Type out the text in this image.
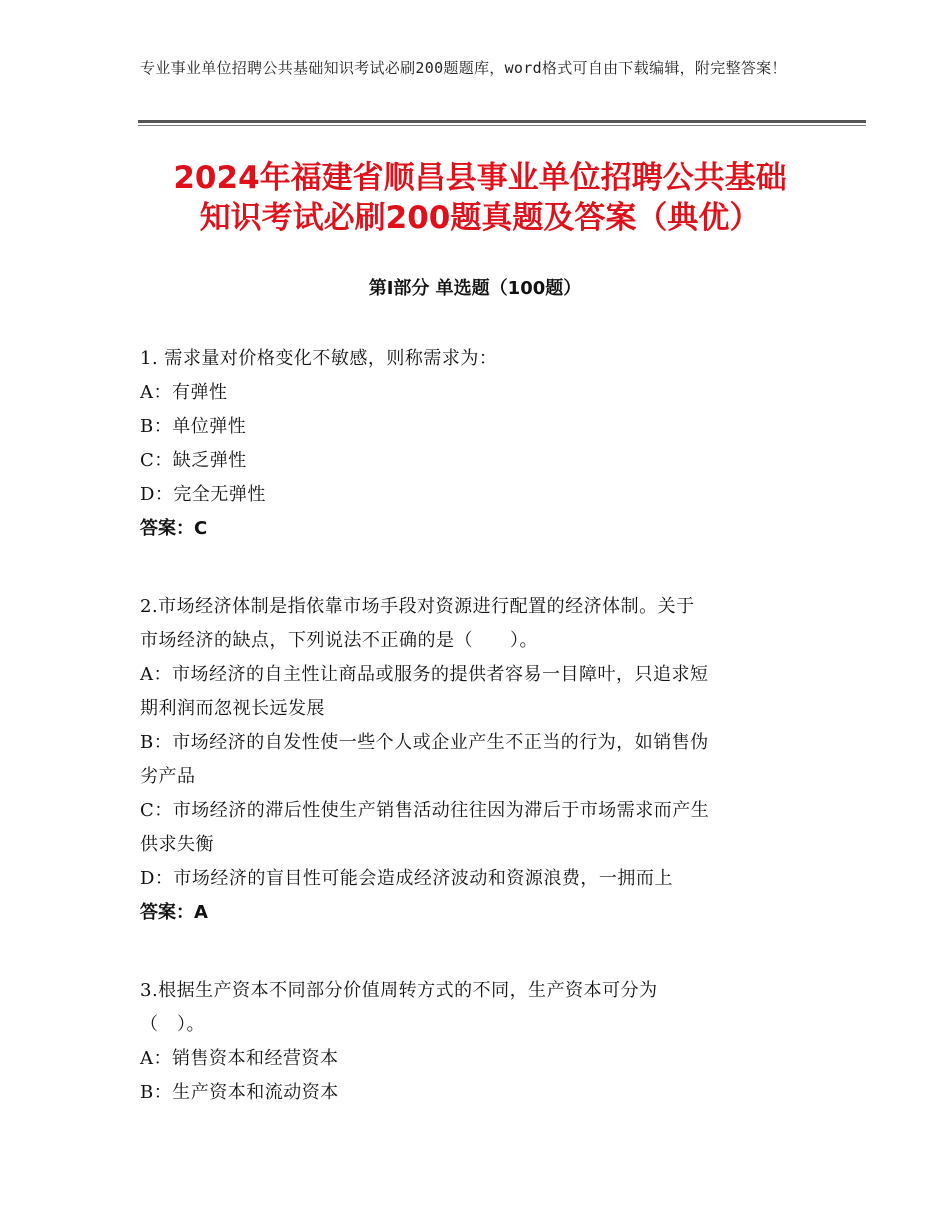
专业事业单位招聘公共基础知识考试必刷200题题库，word格式可自由下载编辑，附完整答案！
2024年福建省顺昌县事业单位招聘公共基础
知识考试必刷200题真题及答案（典优）
第Ⅰ部分 单选题（100题）
1. 需求量对价格变化不敏感，则称需求为：
A：有弹性
B：单位弹性
C：缺乏弹性
D：完全无弹性
答案：C
2.市场经济体制是指依靠市场手段对资源进行配置的经济体制。关于
市场经济的缺点，下列说法不正确的是（　　）。
A：市场经济的自主性让商品或服务的提供者容易一目障叶，只追求短
期利润而忽视长远发展
B：市场经济的自发性使一些个人或企业产生不正当的行为，如销售伪
劣产品
C：市场经济的滞后性使生产销售活动往往因为滞后于市场需求而产生
供求失衡
D：市场经济的盲目性可能会造成经济波动和资源浪费，一拥而上
答案：A
3.根据生产资本不同部分价值周转方式的不同，生产资本可分为
（　）。
A：销售资本和经营资本
B：生产资本和流动资本
